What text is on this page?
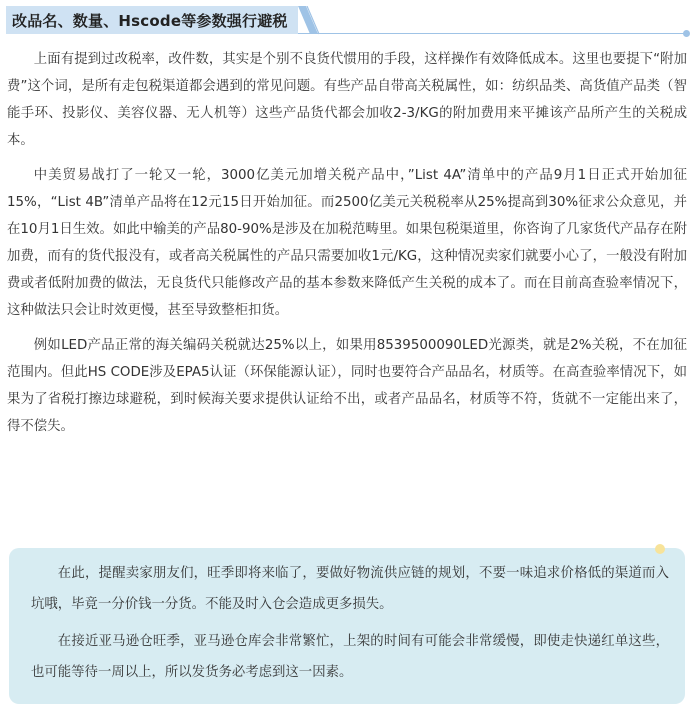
改品名、数量、Hscode等参数强行避税

上面有提到过改税率，改件数，其实是个别不良货代惯用的手段，这样操作有效降低成本。这里也要提下“附加费”这个词，是所有走包税渠道都会遇到的常见问题。有些产品自带高关税属性，如：纺织品类、高货值产品类（智能手环、投影仪、美容仪器、无人机等）这些产品货代都会加收2-3/KG的附加费用来平摊该产品所产生的关税成本。

中美贸易战打了一轮又一轮，3000亿美元加增关税产品中，”List 4A”清单中的产品9月1日正式开始加征15%，“List 4B”清单产品将在12元15日开始加征。而2500亿美元关税税率从25%提高到30%征求公众意见，并在10月1日生效。如此中输美的产品80-90%是涉及在加税范畴里。如果包税渠道里，你咨询了几家货代产品存在附加费，而有的货代报没有，或者高关税属性的产品只需要加收1元/KG，这种情况卖家们就要小心了，一般没有附加费或者低附加费的做法，无良货代只能修改产品的基本参数来降低产生关税的成本了。而在目前高查验率情况下，这种做法只会让时效更慢，甚至导致整柜扣货。

例如LED产品正常的海关编码关税就达25%以上，如果用8539500090LED光源类，就是2%关税，不在加征范围内。但此HS CODE涉及EPA5认证（环保能源认证），同时也要符合产品品名，材质等。在高查验率情况下，如果为了省税打擦边球避税，到时候海关要求提供认证给不出，或者产品品名，材质等不符，货就不一定能出来了，得不偿失。

在此，提醒卖家朋友们，旺季即将来临了，要做好物流供应链的规划，不要一味追求价格低的渠道而入坑哦，毕竟一分价钱一分货。不能及时入仓会造成更多损失。

在接近亚马逊仓旺季，亚马逊仓库会非常繁忙，上架的时间有可能会非常缓慢，即使走快递红单这些，也可能等待一周以上，所以发货务必考虑到这一因素。
